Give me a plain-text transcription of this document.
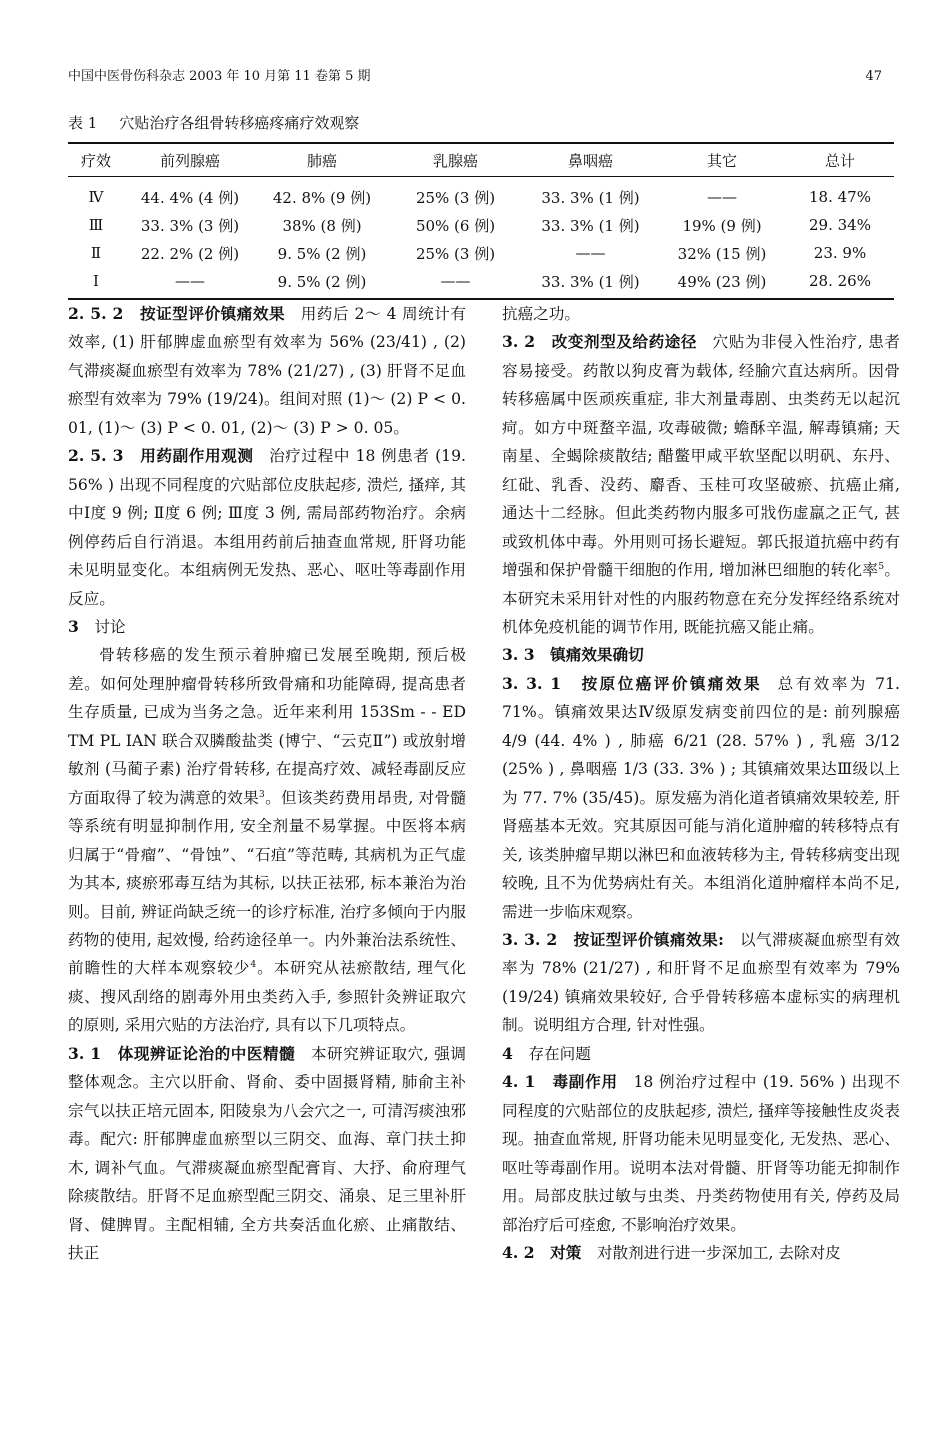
中国中医骨伤科杂志 2003 年 10 月第 11 卷第 5 期	47
表 1 穴贴治疗各组骨转移癌疼痛疗效观察
疗效	前列腺癌	肺癌	乳腺癌	鼻咽癌	其它	总计
Ⅳ	44. 4% (4 例)	42. 8% (9 例)	25% (3 例)	33. 3% (1 例)	——	18. 47%
Ⅲ	33. 3% (3 例)	38% (8 例)	50% (6 例)	33. 3% (1 例)	19% (9 例)	29. 34%
Ⅱ	22. 2% (2 例)	9. 5% (2 例)	25% (3 例)	——	32% (15 例)	23. 9%
Ⅰ	——	9. 5% (2 例)	——	33. 3% (1 例)	49% (23 例)	28. 26%

2. 5. 2　按证型评价镇痛效果 用药后 2～ 4 周统计有效率, (1) 肝郁脾虚血瘀型有效率为 56% (23/41) , (2) 气滞痰凝血瘀型有效率为 78% (21/27) , (3) 肝肾不足血瘀型有效率为 79% (19/24)。组间对照 (1)～ (2) P < 0. 01, (1)～ (3) P < 0. 01, (2)～ (3) P > 0. 05。

2. 5. 3　用药副作用观测 治疗过程中 18 例患者 (19. 56% ) 出现不同程度的穴贴部位皮肤起疹, 溃烂, 搔痒, 其中Ⅰ度 9 例; Ⅱ度 6 例; Ⅲ度 3 例, 需局部药物治疗。余病例停药后自行消退。本组用药前后抽查血常规, 肝肾功能未见明显变化。本组病例无发热、恶心、呕吐等毒副作用反应。

3 讨论

骨转移癌的发生预示着肿瘤已发展至晚期, 预后极差。如何处理肿瘤骨转移所致骨痛和功能障碍, 提高患者生存质量, 已成为当务之急。近年来利用 153Sm - - ED TM PL IAN 联合双膦酸盐类 (博宁、“云克Ⅱ”) 或放射增敏剂 (马蔺子素) 治疗骨转移, 在提高疗效、减轻毒副反应方面取得了较为满意的效果$^3$。但该类药费用昂贵, 对骨髓等系统有明显抑制作用, 安全剂量不易掌握。中医将本病归属于“骨瘤”、“骨蚀”、“石疽”等范畴, 其病机为正气虚为其本, 痰瘀邪毒互结为其标, 以扶正祛邪, 标本兼治为治则。目前, 辨证尚缺乏统一的诊疗标准, 治疗多倾向于内服药物的使用, 起效慢, 给药途径单一。内外兼治法系统性、前瞻性的大样本观察较少$^4$。本研究从祛瘀散结, 理气化痰、搜风刮络的剧毒外用虫类药入手, 参照针灸辨证取穴的原则, 采用穴贴的方法治疗, 具有以下几项特点。

3. 1　体现辨证论治的中医精髓 本研究辨证取穴, 强调整体观念。主穴以肝俞、肾俞、委中固摄肾精, 肺俞主补宗气以扶正培元固本, 阳陵泉为八会穴之一, 可清泻痰浊邪毒。配穴: 肝郁脾虚血瘀型以三阴交、血海、章门扶土抑木, 调补气血。气滞痰凝血瘀型配膏肓、大抒、俞府理气除痰散结。肝肾不足血瘀型配三阴交、涌泉、足三里补肝肾、健脾胃。主配相辅, 全方共奏活血化瘀、止痛散结、扶正

抗癌之功。

3. 2　改变剂型及给药途径 穴贴为非侵入性治疗, 患者容易接受。药散以狗皮膏为载体, 经腧穴直达病所。因骨转移癌属中医顽疾重症, 非大剂量毒剧、虫类药无以起沉疴。如方中斑蝥辛温, 攻毒破微; 蟾酥辛温, 解毒镇痛; 天南星、全蝎除痰散结; 醋鳖甲咸平软坚配以明矾、东丹、红砒、乳香、没药、麝香、玉桂可攻坚破瘀、抗癌止痛, 通达十二经脉。但此类药物内服多可戕伤虚羸之正气, 甚或致机体中毒。外用则可扬长避短。郭氏报道抗癌中药有增强和保护骨髓干细胞的作用, 增加淋巴细胞的转化率$^5$。本研究未采用针对性的内服药物意在充分发挥经络系统对机体免疫机能的调节作用, 既能抗癌又能止痛。

3. 3　镇痛效果确切

3. 3. 1　按原位癌评价镇痛效果 总有效率为 71. 71%。镇痛效果达Ⅳ级原发病变前四位的是: 前列腺癌 4/9 (44. 4% ) , 肺癌 6/21 (28. 57% ) , 乳癌 3/12 (25% ) , 鼻咽癌 1/3 (33. 3% ) ; 其镇痛效果达Ⅲ级以上为 77. 7% (35/45)。原发癌为消化道者镇痛效果较差, 肝肾癌基本无效。究其原因可能与消化道肿瘤的转移特点有关, 该类肿瘤早期以淋巴和血液转移为主, 骨转移病变出现较晚, 且不为优势病灶有关。本组消化道肿瘤样本尚不足, 需进一步临床观察。

3. 3. 2　按证型评价镇痛效果: 以气滞痰凝血瘀型有效率为 78% (21/27) , 和肝肾不足血瘀型有效率为 79% (19/24) 镇痛效果较好, 合乎骨转移癌本虚标实的病理机制。说明组方合理, 针对性强。

4 存在问题

4. 1　毒副作用 18 例治疗过程中 (19. 56% ) 出现不同程度的穴贴部位的皮肤起疹, 溃烂, 搔痒等接触性皮炎表现。抽查血常规, 肝肾功能未见明显变化, 无发热、恶心、呕吐等毒副作用。说明本法对骨髓、肝肾等功能无抑制作用。局部皮肤过敏与虫类、丹类药物使用有关, 停药及局部治疗后可痊愈, 不影响治疗效果。

4. 2　对策 对散剂进行进一步深加工, 去除对皮
